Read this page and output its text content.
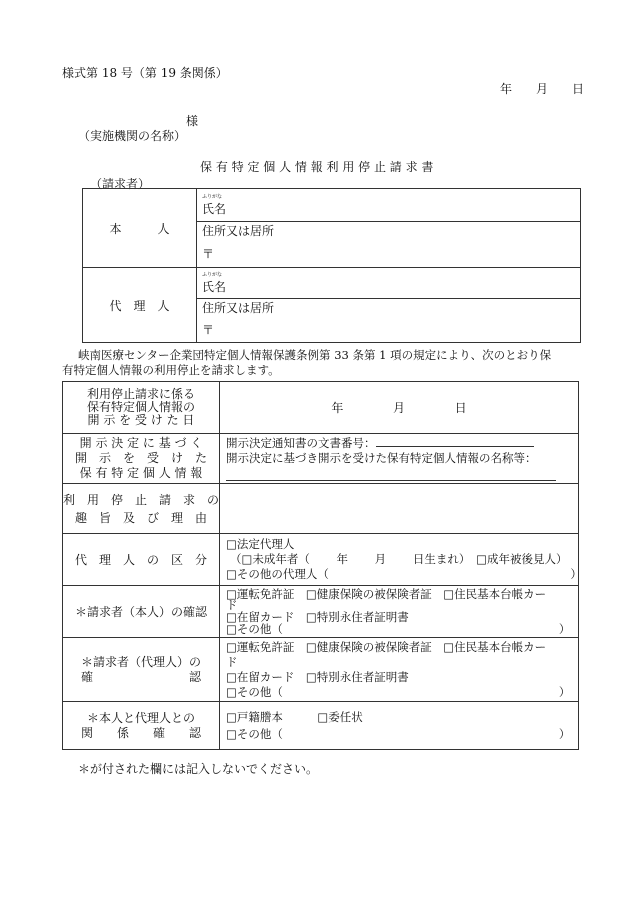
様式第 18 号（第 19 条関係）
年 月 日
様
（実施機関の名称）
保 有 特 定 個 人 情 報 利 用 停 止 請 求 書
（請求者）
本　　　人	ふりがな
氏名
	住所又は居所
	〒
代　理　人	ふりがな
氏名
	住所又は居所
	〒
峡南医療センター企業団特定個人情報保護条例第 33 条第 1 項の規定により、次のとおり保
有特定個人情報の利用停止を請求します。
利用停止請求に係る
保有特定個人情報の
開 示 を 受 け た 日	年 月 日

開 示 決 定 に 基 づ く
開　示　を　受　け　た
保 有 特 定 個 人 情 報	開示決定通知書の文書番号：
開示決定に基づき開示を受けた保有特定個人情報の名称等：

利　用　停　止　請　求　の
趣　旨　及　び　理　由	

代　理　人　の　区　分	□法定代理人
（□未成年者（　　 年　　 月　　 日生まれ）　□成年被後見人）
□その他の代理人（　　　　　　　　　　　　　　　　　　　　　）

＊請求者（本人）の確認	□運転免許証　□健康保険の被保険者証　□住民基本台帳カー
ド
□在留カード　□特別永住者証明書
□その他（　　　　　　　　　　　　　　　　　　　　　　　　）

＊請求者（代理人）の
確　　　　　　　　認	□運転免許証　□健康保険の被保険者証　□住民基本台帳カー
ド
□在留カード　□特別永住者証明書
□その他（　　　　　　　　　　　　　　　　　　　　　　　　）

＊本人と代理人との
関　　係　　確　　認	□戸籍謄本　　　□委任状
□その他（　　　　　　　　　　　　　　　　　　　　　　　　）
＊が付された欄には記入しないでください。
